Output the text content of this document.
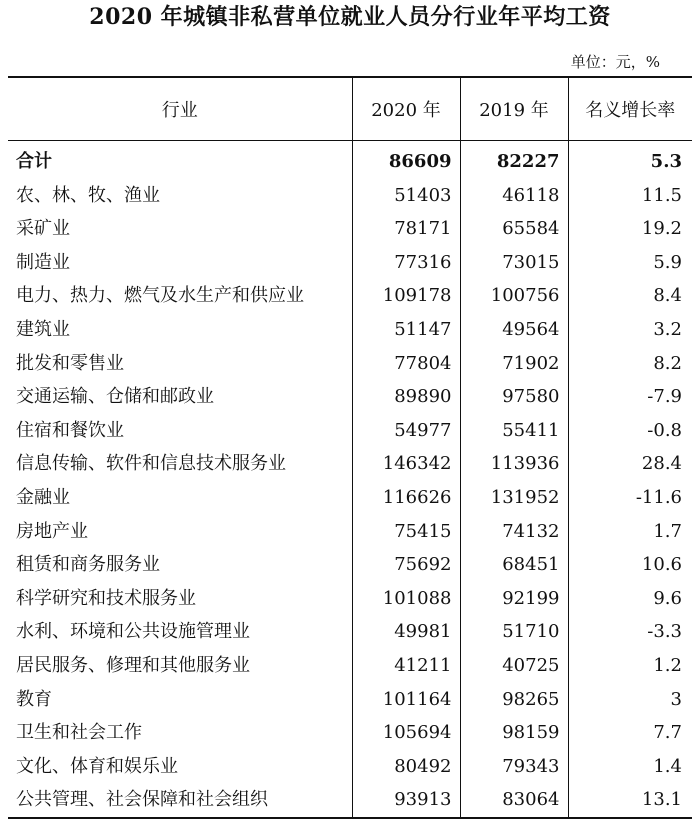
2020 年城镇非私营单位就业人员分行业年平均工资
单位：元，%
行业	2020 年	2019 年	名义增长率
合计	86609	82227	5.3
农、林、牧、渔业	51403	46118	11.5
采矿业	78171	65584	19.2
制造业	77316	73015	5.9
电力、热力、燃气及水生产和供应业	109178	100756	8.4
建筑业	51147	49564	3.2
批发和零售业	77804	71902	8.2
交通运输、仓储和邮政业	89890	97580	-7.9
住宿和餐饮业	54977	55411	-0.8
信息传输、软件和信息技术服务业	146342	113936	28.4
金融业	116626	131952	-11.6
房地产业	75415	74132	1.7
租赁和商务服务业	75692	68451	10.6
科学研究和技术服务业	101088	92199	9.6
水利、环境和公共设施管理业	49981	51710	-3.3
居民服务、修理和其他服务业	41211	40725	1.2
教育	101164	98265	3
卫生和社会工作	105694	98159	7.7
文化、体育和娱乐业	80492	79343	1.4
公共管理、社会保障和社会组织	93913	83064	13.1
